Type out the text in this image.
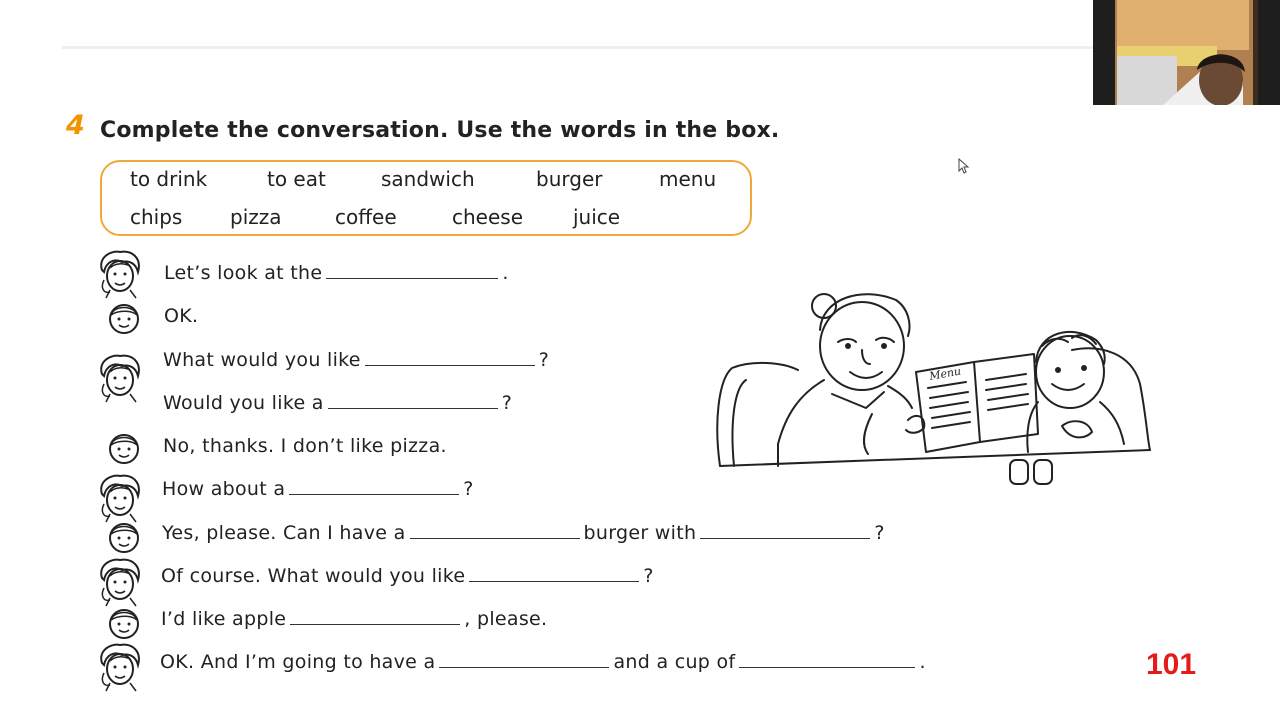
4 Complete the conversation. Use the words in the box.
to drink	to eat	sandwich	burger	menu
chips pizza	coffee	cheese juice
Let’s look at the	.
OK.
What would you like	?
Would you like a	?
No, thanks. I don’t like pizza.
How about a	?
Yes, please. Can I have a	burger with	?
Of course. What would you like	?
I’d like apple	, please.
OK. And I’m going to have a	and a cup of	.
Menu
101
